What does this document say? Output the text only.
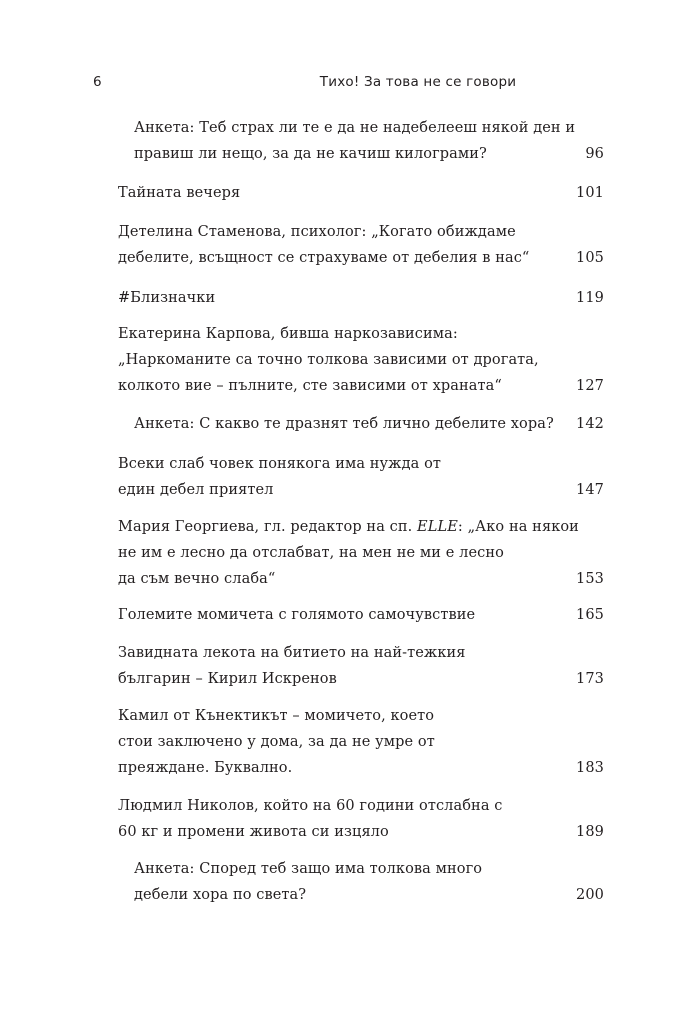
6	Тихо! За това не се говори
Анкета: Теб страх ли те е да не надебелееш някой ден и
правиш ли нещо, за да не качиш килограми?	96
Тайната вечеря	101
Детелина Стаменова, психолог: „Когато обиждаме
дебелите, всъщност се страхуваме от дебелия в нас“	105
#Близначки	119
Екатерина Карпова, бивша наркозависима:
„Наркоманите са точно толкова зависими от дрогата,
колкото вие – пълните, сте зависими от храната“	127
Анкета: С какво те дразнят теб лично дебелите хора? 142
Всеки слаб човек понякога има нужда от
един дебел приятел	147
Мария Георгиева, гл. редактор на сп. ELLE: „Ако на някои
не им е лесно да отслабват, на мен не ми е лесно
да съм вечно слаба“	153
Големите момичета с голямото самочувствие	165
Завидната лекота на битието на най-тежкия
българин – Кирил Искренов	173
Камил от Кънектикът – момичето, което
стои заключено у дома, за да не умре от
преяждане. Буквално.	183
Людмил Николов, който на 60 години отслабна с
60 кг и промени живота си изцяло	189
Анкета: Според теб защо има толкова много
дебели хора по света?	200
